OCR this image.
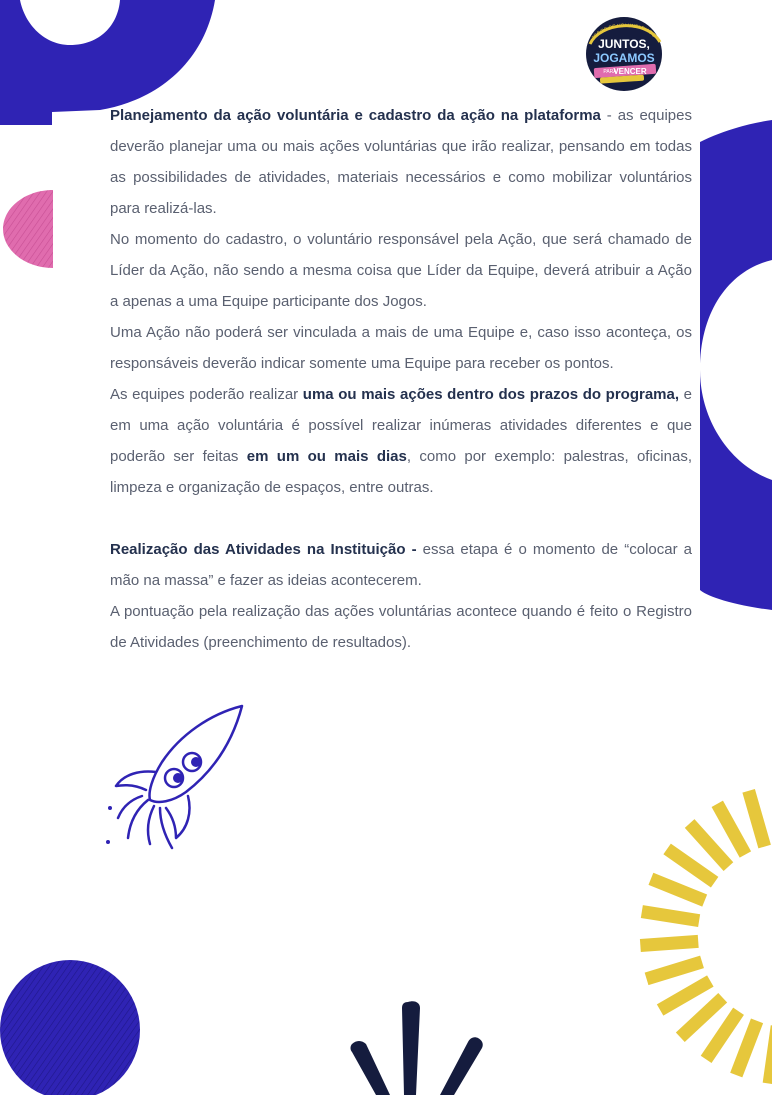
JUNTOS,
JOGAMOS
PARA
VENCER
JOGOS DE VOLUNTARIADO

Planejamento da ação voluntária e cadastro da ação na plataforma - as equipes deverão planejar uma ou mais ações voluntárias que irão realizar, pensando em todas as possibilidades de atividades, materiais necessários e como mobilizar voluntários para realizá-las.

No momento do cadastro, o voluntário responsável pela Ação, que será chamado de Líder da Ação, não sendo a mesma coisa que Líder da Equipe, deverá atribuir a Ação a apenas a uma Equipe participante dos Jogos.

Uma Ação não poderá ser vinculada a mais de uma Equipe e, caso isso aconteça, os responsáveis deverão indicar somente uma Equipe para receber os pontos.

As equipes poderão realizar uma ou mais ações dentro dos prazos do programa, e em uma ação voluntária é possível realizar inúmeras atividades diferentes e que poderão ser feitas em um ou mais dias, como por exemplo: palestras, oficinas, limpeza e organização de espaços, entre outras.

Realização das Atividades na Instituição - essa etapa é o momento de “colocar a mão na massa” e fazer as ideias acontecerem.

A pontuação pela realização das ações voluntárias acontece quando é feito o Registro de Atividades (preenchimento de resultados).
